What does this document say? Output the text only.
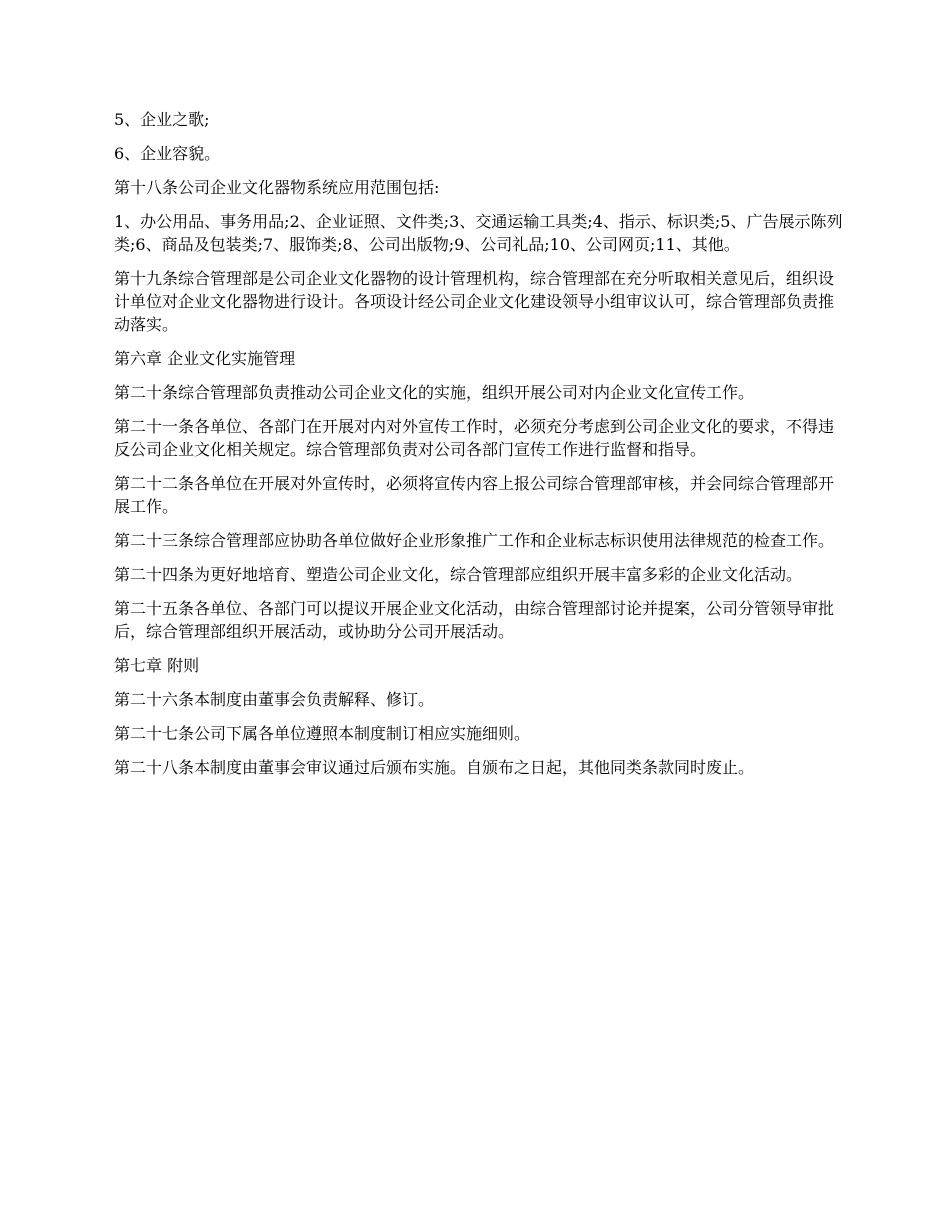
5、企业之歌;

6、企业容貌。

第十八条公司企业文化器物系统应用范围包括:

1、办公用品、事务用品;2、企业证照、文件类;3、交通运输工具类;4、指示、标识类;5、广告展示陈列类;6、商品及包装类;7、服饰类;8、公司出版物;9、公司礼品;10、公司网页;11、其他。

第十九条综合管理部是公司企业文化器物的设计管理机构，综合管理部在充分听取相关意见后，组织设计单位对企业文化器物进行设计。各项设计经公司企业文化建设领导小组审议认可，综合管理部负责推动落实。

第六章 企业文化实施管理

第二十条综合管理部负责推动公司企业文化的实施，组织开展公司对内企业文化宣传工作。

第二十一条各单位、各部门在开展对内对外宣传工作时，必须充分考虑到公司企业文化的要求，不得违反公司企业文化相关规定。综合管理部负责对公司各部门宣传工作进行监督和指导。

第二十二条各单位在开展对外宣传时，必须将宣传内容上报公司综合管理部审核，并会同综合管理部开展工作。

第二十三条综合管理部应协助各单位做好企业形象推广工作和企业标志标识使用法律规范的检查工作。

第二十四条为更好地培育、塑造公司企业文化，综合管理部应组织开展丰富多彩的企业文化活动。

第二十五条各单位、各部门可以提议开展企业文化活动，由综合管理部讨论并提案，公司分管领导审批后，综合管理部组织开展活动，或协助分公司开展活动。

第七章 附则

第二十六条本制度由董事会负责解释、修订。

第二十七条公司下属各单位遵照本制度制订相应实施细则。

第二十八条本制度由董事会审议通过后颁布实施。自颁布之日起，其他同类条款同时废止。
